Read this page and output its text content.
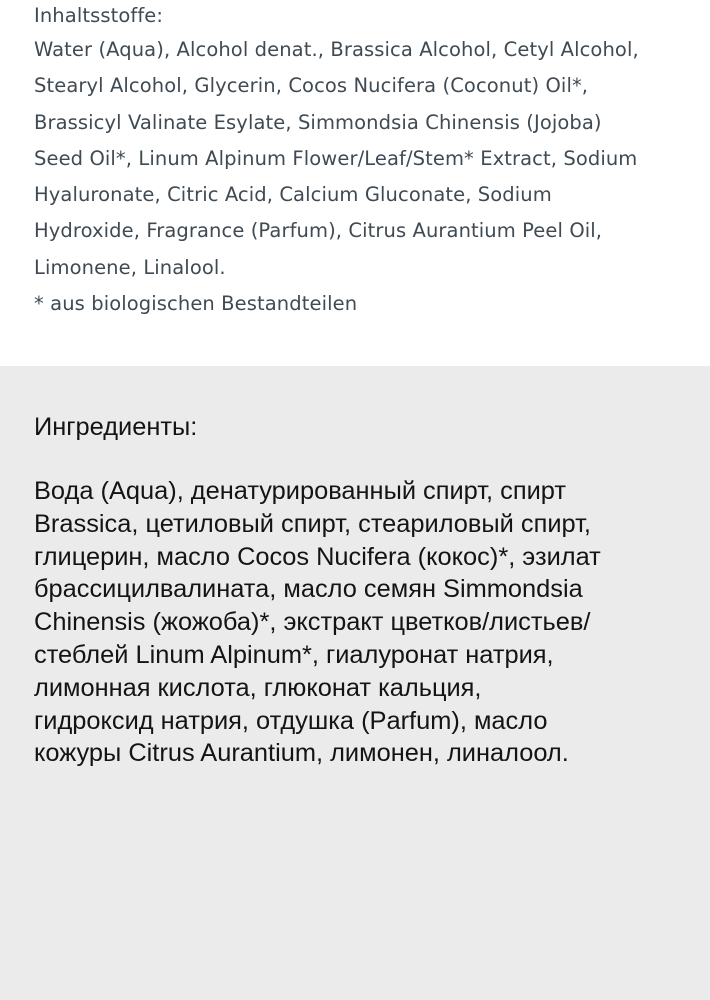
Inhaltsstoffe:
Water (Aqua), Alcohol denat., Brassica Alcohol, Cetyl Alcohol,
Stearyl Alcohol, Glycerin, Cocos Nucifera (Coconut) Oil*,
Brassicyl Valinate Esylate, Simmondsia Chinensis (Jojoba)
Seed Oil*, Linum Alpinum Flower/Leaf/Stem* Extract, Sodium
Hyaluronate, Citric Acid, Calcium Gluconate, Sodium
Hydroxide, Fragrance (Parfum), Citrus Aurantium Peel Oil,
Limonene, Linalool.
* aus biologischen Bestandteilen
Ингредиенты:
Вода (Aqua), денатурированный спирт, спирт
Brassica, цетиловый спирт, стеариловый спирт,
глицерин, масло Cocos Nucifera (кокос)*, эзилат
брассицилвалината, масло семян Simmondsia
Chinensis (жожоба)*, экстракт цветков/листьев/
стеблей Linum Alpinum*, гиалуронат натрия,
лимонная кислота, глюконат кальция,
гидроксид натрия, отдушка (Parfum), масло
кожуры Citrus Aurantium, лимонен, линалоол.
